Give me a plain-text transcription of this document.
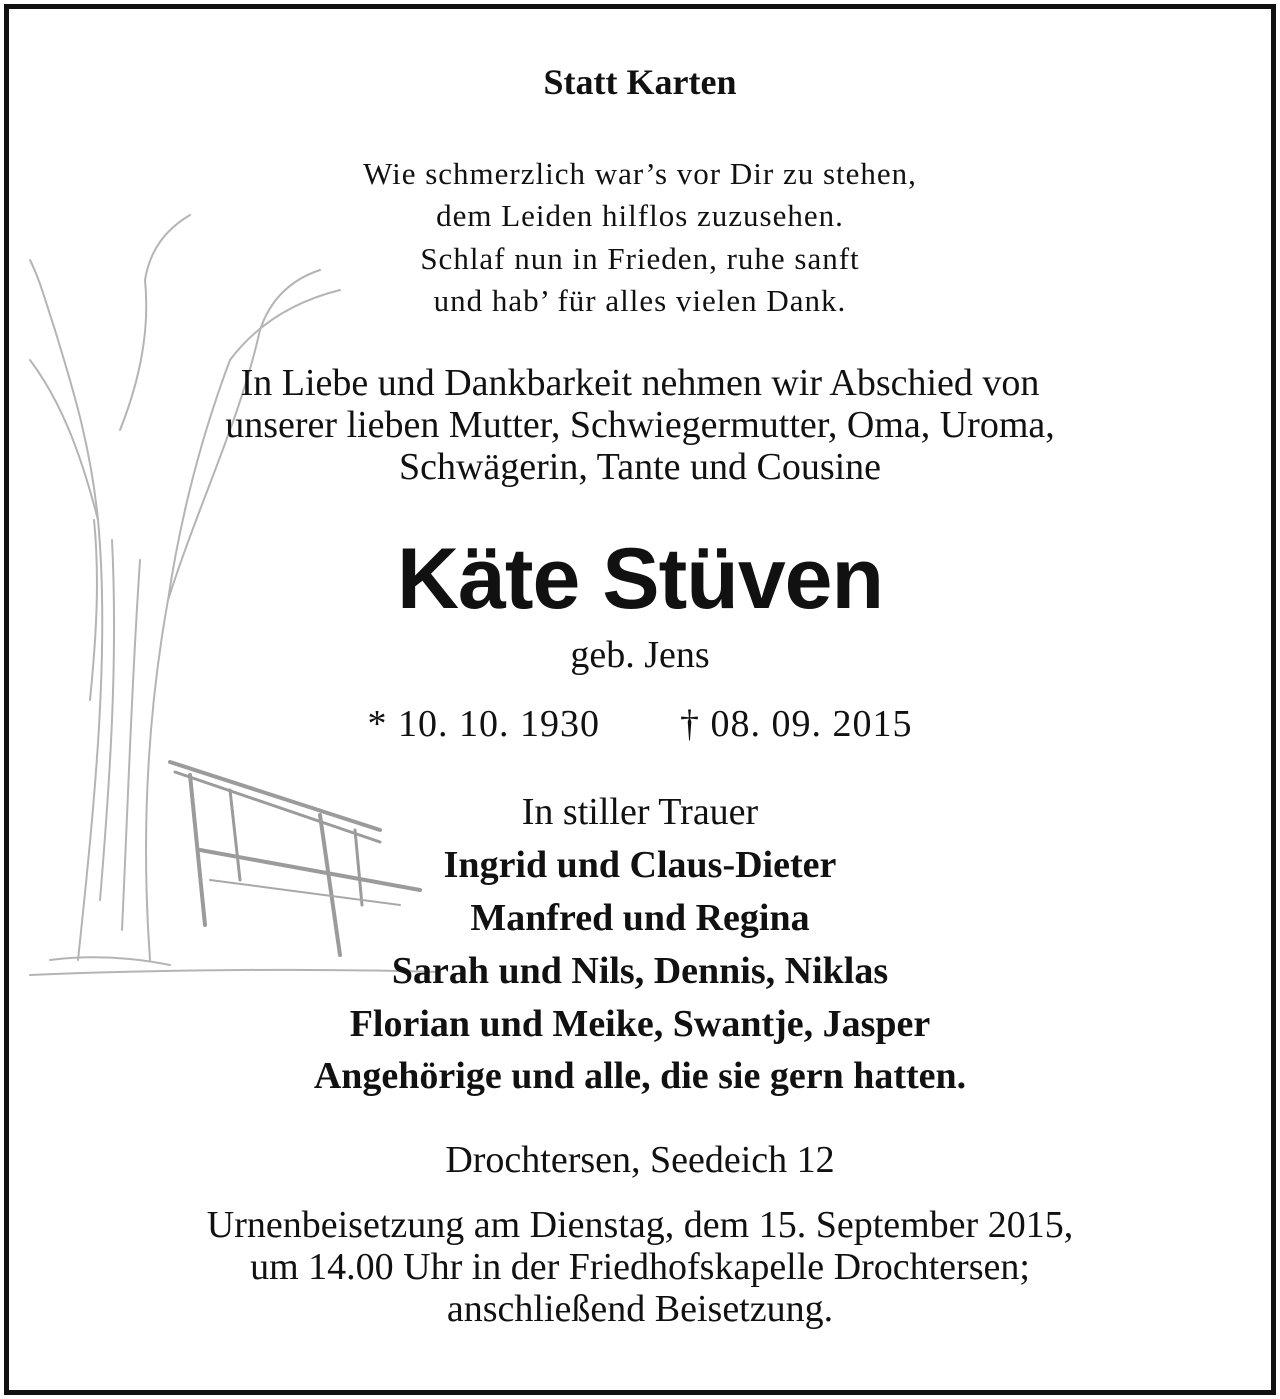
Statt Karten
Wie schmerzlich war’s vor Dir zu stehen,
dem Leiden hilflos zuzusehen.
Schlaf nun in Frieden, ruhe sanft
und hab’ für alles vielen Dank.
In Liebe und Dankbarkeit nehmen wir Abschied von
unserer lieben Mutter, Schwiegermutter, Oma, Uroma,
Schwägerin, Tante und Cousine
Käte Stüven
geb. Jens
* 10. 10. 1930 † 08. 09. 2015
In stiller Trauer
Ingrid und Claus-Dieter
Manfred und Regina
Sarah und Nils, Dennis, Niklas
Florian und Meike, Swantje, Jasper
Angehörige und alle, die sie gern hatten.
Drochtersen, Seedeich 12
Urnenbeisetzung am Dienstag, dem 15. September 2015,
um 14.00 Uhr in der Friedhofskapelle Drochtersen;
anschließend Beisetzung.
